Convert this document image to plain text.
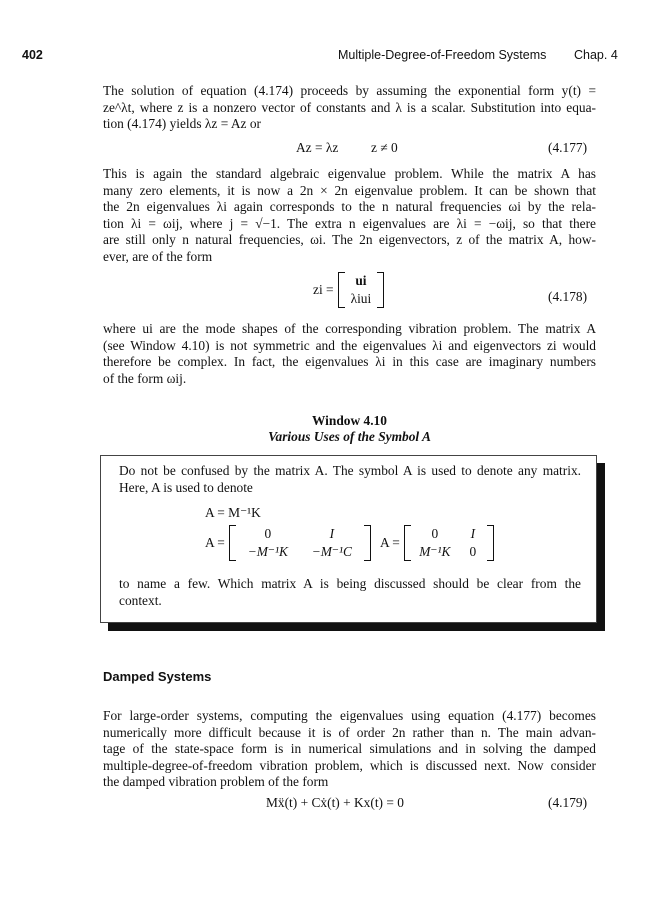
402	Multiple-Degree-of-Freedom Systems Chap. 4
The solution of equation (4.174) proceeds by assuming the exponential form y(t) =
ze^λt, where z is a nonzero vector of constants and λ is a scalar. Substitution into equa-
tion (4.174) yields λz = Az or
Az = λz z ≠ 0	(4.177)
This is again the standard algebraic eigenvalue problem. While the matrix A has
many zero elements, it is now a 2n × 2n eigenvalue problem. It can be shown that
the 2n eigenvalues λi again corresponds to the n natural frequencies ωi by the rela-
tion λi = ωij, where j = √−1. The extra n eigenvalues are λi = −ωij, so that there
are still only n natural frequencies, ωi. The 2n eigenvectors, z of the matrix A, how-
ever, are of the form
zi =
ui
λiui	(4.178)
where ui are the mode shapes of the corresponding vibration problem. The matrix A
(see Window 4.10) is not symmetric and the eigenvalues λi and eigenvectors zi would
therefore be complex. In fact, the eigenvalues λi in this case are imaginary numbers
of the form ωij.
Window 4.10
Various Uses of the Symbol A
Do not be confused by the matrix A. The symbol A is used to denote any matrix.
Here, A is used to denote
A = M⁻¹K
A =
0	I
−M⁻¹K	−M⁻¹C
A =
0	I
M⁻¹K	0
to name a few. Which matrix A is being discussed should be clear from the
context.
Damped Systems
For large-order systems, computing the eigenvalues using equation (4.177) becomes
numerically more difficult because it is of order 2n rather than n. The main advan-
tage of the state-space form is in numerical simulations and in solving the damped
multiple-degree-of-freedom vibration problem, which is discussed next. Now consider
the damped vibration problem of the form
Mẍ(t) + Cẋ(t) + Kx(t) = 0	(4.179)
